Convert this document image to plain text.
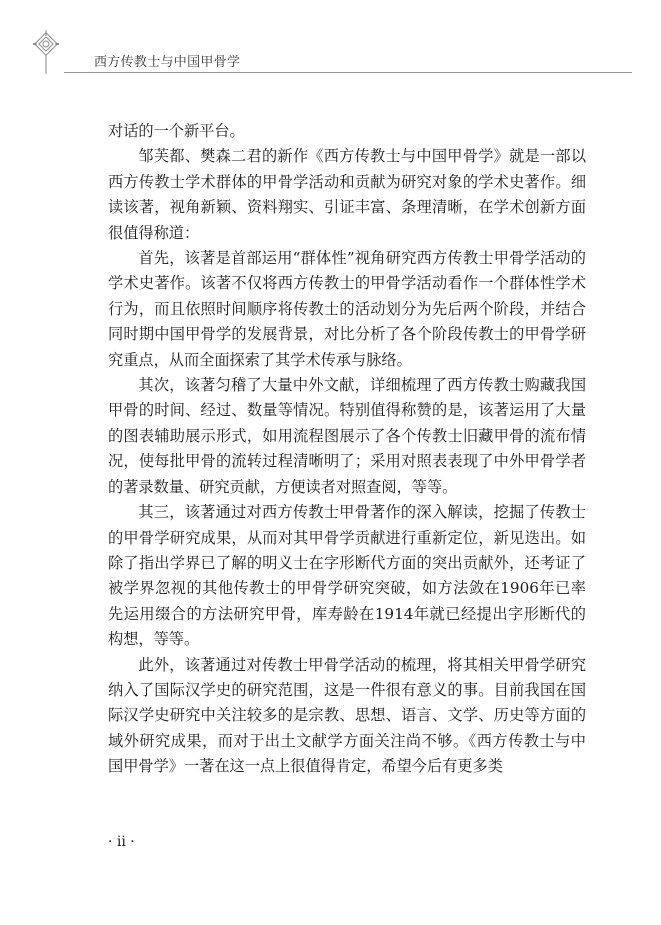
西方传教士与中国甲骨学

对话的一个新平台。

邹芙都、樊森二君的新作《西方传教士与中国甲骨学》就是一部以西方传教士学术群体的甲骨学活动和贡献为研究对象的学术史著作。细读该著，视角新颖、资料翔实、引证丰富、条理清晰，在学术创新方面很值得称道：

首先，该著是首部运用“群体性”视角研究西方传教士甲骨学活动的学术史著作。该著不仅将西方传教士的甲骨学活动看作一个群体性学术行为，而且依照时间顺序将传教士的活动划分为先后两个阶段，并结合同时期中国甲骨学的发展背景，对比分析了各个阶段传教士的甲骨学研究重点，从而全面探索了其学术传承与脉络。

其次，该著匀稽了大量中外文献，详细梳理了西方传教士购藏我国甲骨的时间、经过、数量等情况。特别值得称赞的是，该著运用了大量的图表辅助展示形式，如用流程图展示了各个传教士旧藏甲骨的流布情况，使每批甲骨的流转过程清晰明了；采用对照表表现了中外甲骨学者的著录数量、研究贡献，方便读者对照查阅，等等。

其三，该著通过对西方传教士甲骨著作的深入解读，挖掘了传教士的甲骨学研究成果，从而对其甲骨学贡献进行重新定位，新见迭出。如除了指出学界已了解的明义士在字形断代方面的突出贡献外，还考证了被学界忽视的其他传教士的甲骨学研究突破，如方法敛在1906年已率先运用缀合的方法研究甲骨，库寿龄在1914年就已经提出字形断代的构想，等等。

此外，该著通过对传教士甲骨学活动的梳理，将其相关甲骨学研究纳入了国际汉学史的研究范围，这是一件很有意义的事。目前我国在国际汉学史研究中关注较多的是宗教、思想、语言、文学、历史等方面的域外研究成果，而对于出土文献学方面关注尚不够。《西方传教士与中国甲骨学》一著在这一点上很值得肯定，希望今后有更多类

· ii ·
